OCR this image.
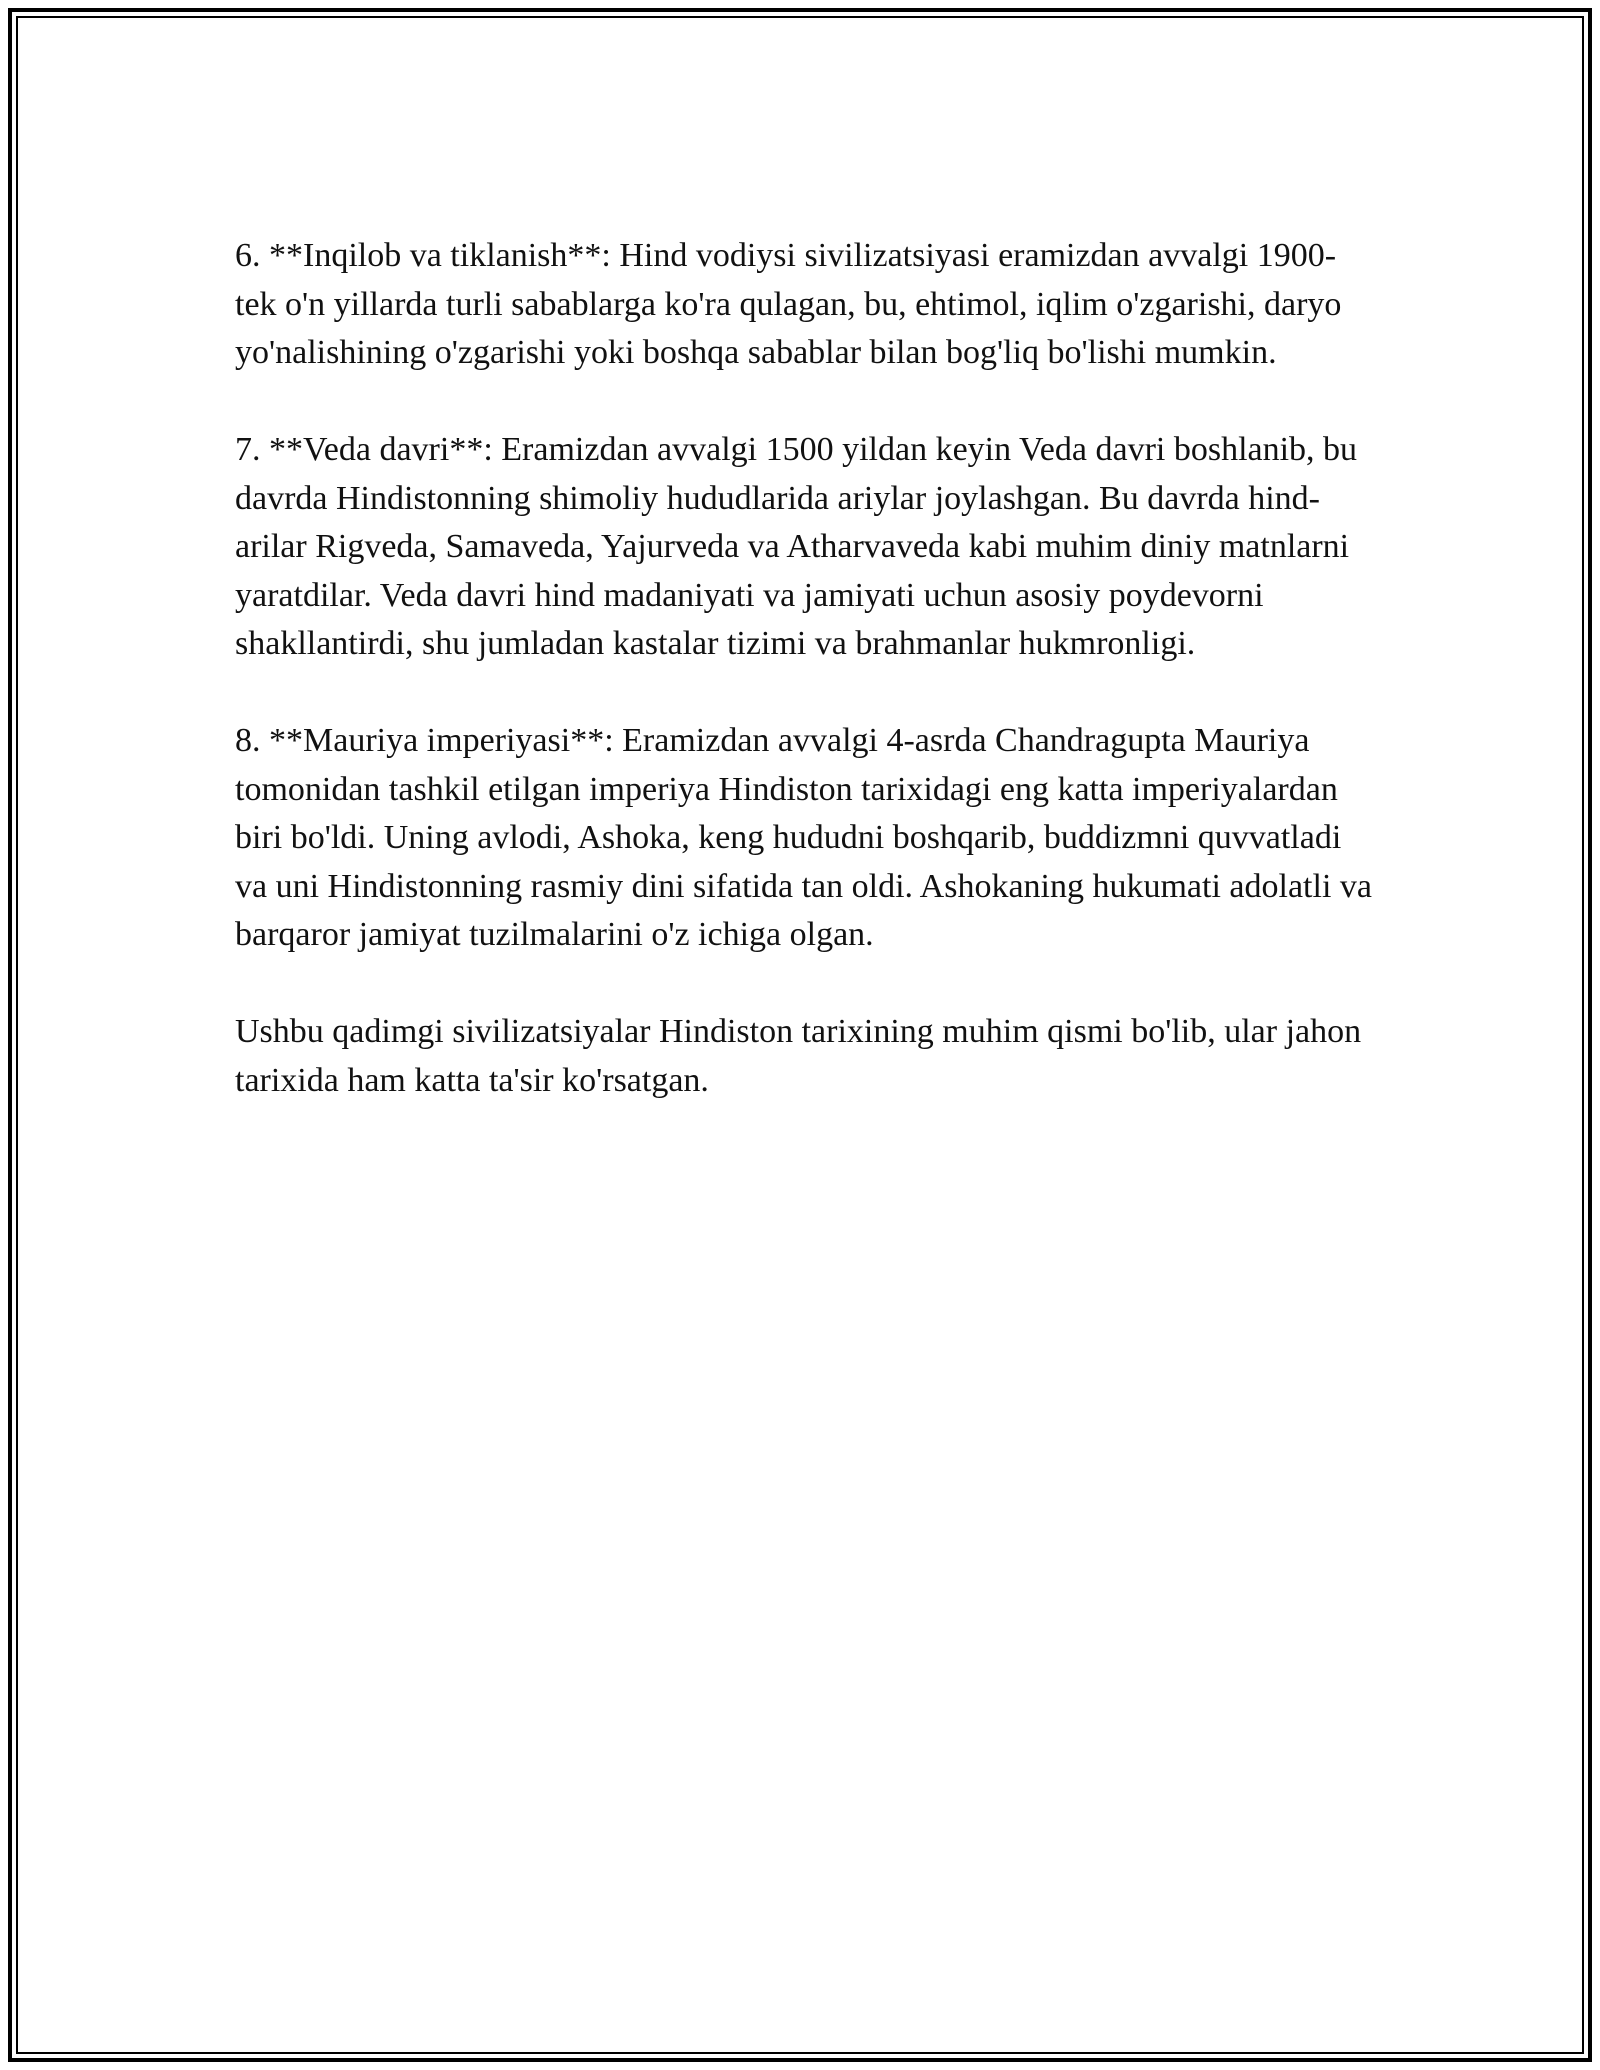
6. **Inqilob va tiklanish**: Hind vodiysi sivilizatsiyasi eramizdan avvalgi 1900-tek o'n yillarda turli sabablarga ko'ra qulagan, bu, ehtimol, iqlim o'zgarishi, daryo yo'nalishining o'zgarishi yoki boshqa sabablar bilan bog'liq bo'lishi mumkin.

7. **Veda davri**: Eramizdan avvalgi 1500 yildan keyin Veda davri boshlanib, bu davrda Hindistonning shimoliy hududlarida ariylar joylashgan. Bu davrda hind-arilar Rigveda, Samaveda, Yajurveda va Atharvaveda kabi muhim diniy matnlarni yaratdilar. Veda davri hind madaniyati va jamiyati uchun asosiy poydevorni shakllantirdi, shu jumladan kastalar tizimi va brahmanlar hukmronligi.

8. **Mauriya imperiyasi**: Eramizdan avvalgi 4-asrda Chandragupta Mauriya tomonidan tashkil etilgan imperiya Hindiston tarixidagi eng katta imperiyalardan biri bo'ldi. Uning avlodi, Ashoka, keng hududni boshqarib, buddizmni quvvatladi va uni Hindistonning rasmiy dini sifatida tan oldi. Ashokaning hukumati adolatli va barqaror jamiyat tuzilmalarini o'z ichiga olgan.

Ushbu qadimgi sivilizatsiyalar Hindiston tarixining muhim qismi bo'lib, ular jahon tarixida ham katta ta'sir ko'rsatgan.
